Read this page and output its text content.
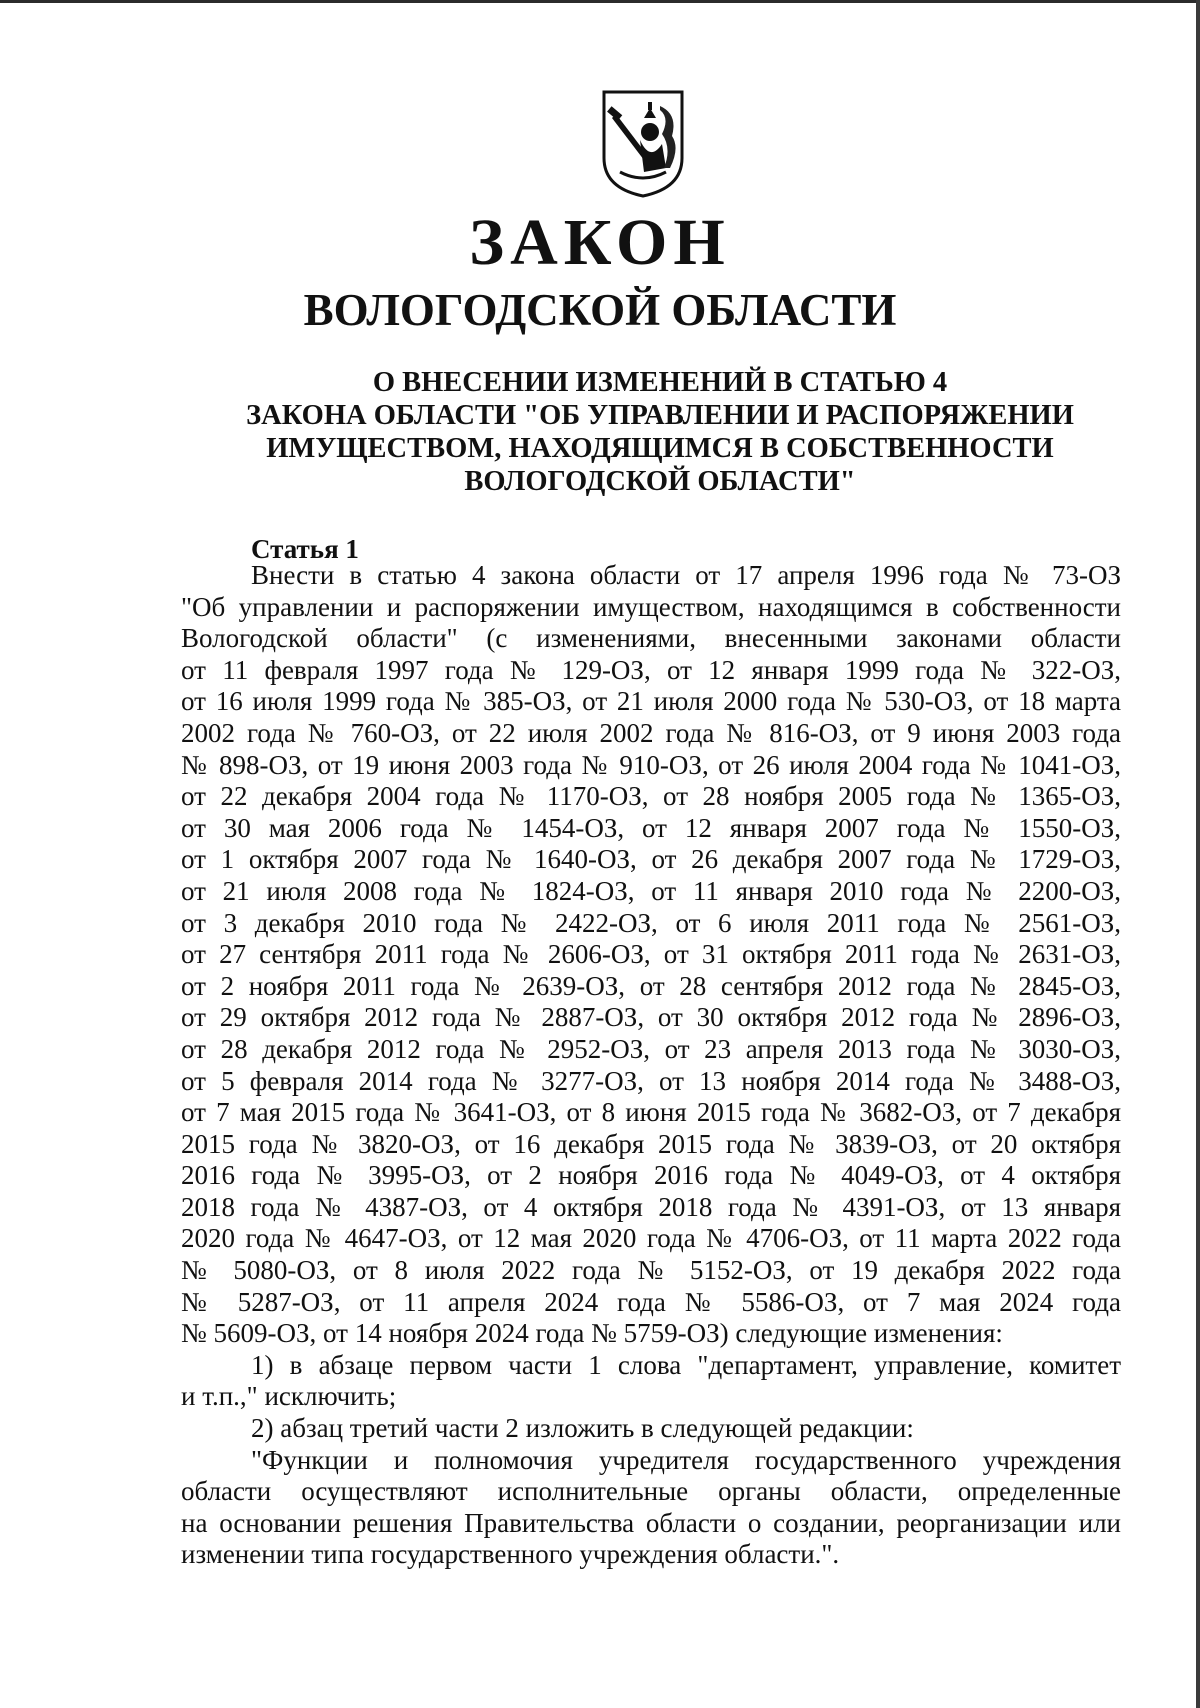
ЗАКОН
ВОЛОГОДСКОЙ ОБЛАСТИ
О ВНЕСЕНИИ ИЗМЕНЕНИЙ В СТАТЬЮ 4
ЗАКОНА ОБЛАСТИ "ОБ УПРАВЛЕНИИ И РАСПОРЯЖЕНИИ
ИМУЩЕСТВОМ, НАХОДЯЩИМСЯ В СОБСТВЕННОСТИ
ВОЛОГОДСКОЙ ОБЛАСТИ"
Статья 1
Внести в статью 4 закона области от 17 апреля 1996 года № 73-ОЗ
"Об управлении и распоряжении имуществом, находящимся в собственности
Вологодской области" (с изменениями, внесенными законами области
от 11 февраля 1997 года № 129-ОЗ, от 12 января 1999 года № 322-ОЗ,
от 16 июля 1999 года № 385-ОЗ, от 21 июля 2000 года № 530-ОЗ, от 18 марта
2002 года № 760-ОЗ, от 22 июля 2002 года № 816-ОЗ, от 9 июня 2003 года
№ 898-ОЗ, от 19 июня 2003 года № 910-ОЗ, от 26 июля 2004 года № 1041-ОЗ,
от 22 декабря 2004 года № 1170-ОЗ, от 28 ноября 2005 года № 1365-ОЗ,
от 30 мая 2006 года № 1454-ОЗ, от 12 января 2007 года № 1550-ОЗ,
от 1 октября 2007 года № 1640-ОЗ, от 26 декабря 2007 года № 1729-ОЗ,
от 21 июля 2008 года № 1824-ОЗ, от 11 января 2010 года № 2200-ОЗ,
от 3 декабря 2010 года № 2422-ОЗ, от 6 июля 2011 года № 2561-ОЗ,
от 27 сентября 2011 года № 2606-ОЗ, от 31 октября 2011 года № 2631-ОЗ,
от 2 ноября 2011 года № 2639-ОЗ, от 28 сентября 2012 года № 2845-ОЗ,
от 29 октября 2012 года № 2887-ОЗ, от 30 октября 2012 года № 2896-ОЗ,
от 28 декабря 2012 года № 2952-ОЗ, от 23 апреля 2013 года № 3030-ОЗ,
от 5 февраля 2014 года № 3277-ОЗ, от 13 ноября 2014 года № 3488-ОЗ,
от 7 мая 2015 года № 3641-ОЗ, от 8 июня 2015 года № 3682-ОЗ, от 7 декабря
2015 года № 3820-ОЗ, от 16 декабря 2015 года № 3839-ОЗ, от 20 октября
2016 года № 3995-ОЗ, от 2 ноября 2016 года № 4049-ОЗ, от 4 октября
2018 года № 4387-ОЗ, от 4 октября 2018 года № 4391-ОЗ, от 13 января
2020 года № 4647-ОЗ, от 12 мая 2020 года № 4706-ОЗ, от 11 марта 2022 года
№ 5080-ОЗ, от 8 июля 2022 года № 5152-ОЗ, от 19 декабря 2022 года
№ 5287-ОЗ, от 11 апреля 2024 года № 5586-ОЗ, от 7 мая 2024 года
№ 5609-ОЗ, от 14 ноября 2024 года № 5759-ОЗ) следующие изменения:
1) в абзаце первом части 1 слова "департамент, управление, комитет
и т.п.," исключить;
2) абзац третий части 2 изложить в следующей редакции:
"Функции и полномочия учредителя государственного учреждения
области осуществляют исполнительные органы области, определенные
на основании решения Правительства области о создании, реорганизации или
изменении типа государственного учреждения области.".
